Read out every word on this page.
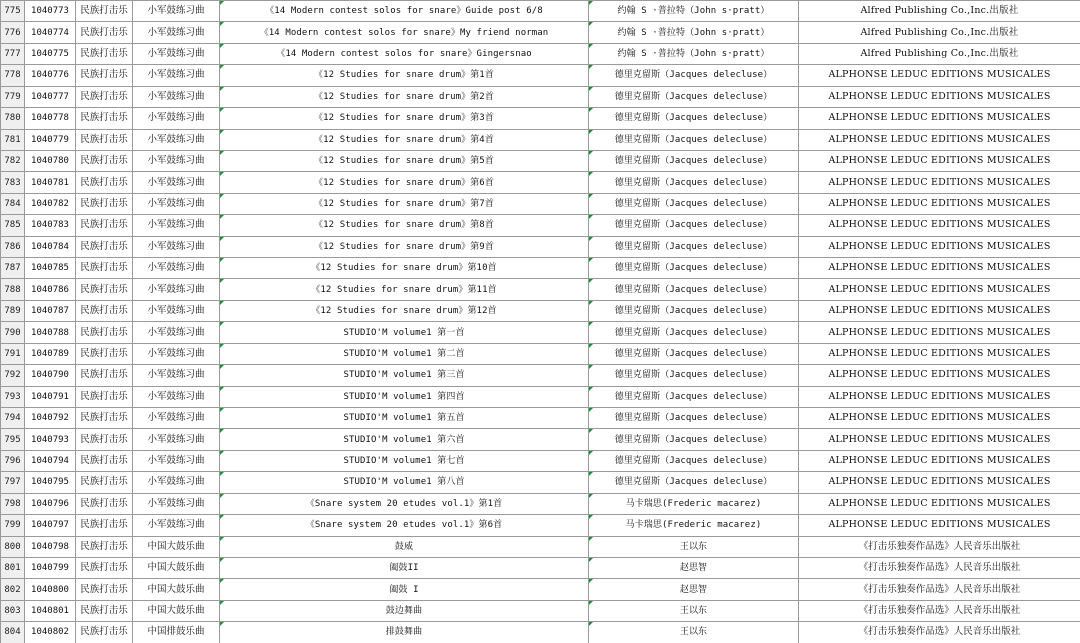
775	1040773	民族打击乐	小军鼓练习曲	《14 Modern contest solos for snare》Guide post 6/8	约翰 S ·普拉特（John s·pratt）	Alfred Publishing Co.,Inc.出版社
776	1040774	民族打击乐	小军鼓练习曲	《14 Modern contest solos for snare》My friend norman	约翰 S ·普拉特（John s·pratt）	Alfred Publishing Co.,Inc.出版社
777	1040775	民族打击乐	小军鼓练习曲	《14 Modern contest solos for snare》Gingersnao	约翰 S ·普拉特（John s·pratt）	Alfred Publishing Co.,Inc.出版社
778	1040776	民族打击乐	小军鼓练习曲	《12 Studies for snare drum》第1首	德里克留斯（Jacques delecluse）	ALPHONSE LEDUC EDITIONS MUSICALES
779	1040777	民族打击乐	小军鼓练习曲	《12 Studies for snare drum》第2首	德里克留斯（Jacques delecluse）	ALPHONSE LEDUC EDITIONS MUSICALES
780	1040778	民族打击乐	小军鼓练习曲	《12 Studies for snare drum》第3首	德里克留斯（Jacques delecluse）	ALPHONSE LEDUC EDITIONS MUSICALES
781	1040779	民族打击乐	小军鼓练习曲	《12 Studies for snare drum》第4首	德里克留斯（Jacques delecluse）	ALPHONSE LEDUC EDITIONS MUSICALES
782	1040780	民族打击乐	小军鼓练习曲	《12 Studies for snare drum》第5首	德里克留斯（Jacques delecluse）	ALPHONSE LEDUC EDITIONS MUSICALES
783	1040781	民族打击乐	小军鼓练习曲	《12 Studies for snare drum》第6首	德里克留斯（Jacques delecluse）	ALPHONSE LEDUC EDITIONS MUSICALES
784	1040782	民族打击乐	小军鼓练习曲	《12 Studies for snare drum》第7首	德里克留斯（Jacques delecluse）	ALPHONSE LEDUC EDITIONS MUSICALES
785	1040783	民族打击乐	小军鼓练习曲	《12 Studies for snare drum》第8首	德里克留斯（Jacques delecluse）	ALPHONSE LEDUC EDITIONS MUSICALES
786	1040784	民族打击乐	小军鼓练习曲	《12 Studies for snare drum》第9首	德里克留斯（Jacques delecluse）	ALPHONSE LEDUC EDITIONS MUSICALES
787	1040785	民族打击乐	小军鼓练习曲	《12 Studies for snare drum》第10首	德里克留斯（Jacques delecluse）	ALPHONSE LEDUC EDITIONS MUSICALES
788	1040786	民族打击乐	小军鼓练习曲	《12 Studies for snare drum》第11首	德里克留斯（Jacques delecluse）	ALPHONSE LEDUC EDITIONS MUSICALES
789	1040787	民族打击乐	小军鼓练习曲	《12 Studies for snare drum》第12首	德里克留斯（Jacques delecluse）	ALPHONSE LEDUC EDITIONS MUSICALES
790	1040788	民族打击乐	小军鼓练习曲	STUDIO'M volume1 第一首	德里克留斯（Jacques delecluse）	ALPHONSE LEDUC EDITIONS MUSICALES
791	1040789	民族打击乐	小军鼓练习曲	STUDIO'M volume1 第二首	德里克留斯（Jacques delecluse）	ALPHONSE LEDUC EDITIONS MUSICALES
792	1040790	民族打击乐	小军鼓练习曲	STUDIO'M volume1 第三首	德里克留斯（Jacques delecluse）	ALPHONSE LEDUC EDITIONS MUSICALES
793	1040791	民族打击乐	小军鼓练习曲	STUDIO'M volume1 第四首	德里克留斯（Jacques delecluse）	ALPHONSE LEDUC EDITIONS MUSICALES
794	1040792	民族打击乐	小军鼓练习曲	STUDIO'M volume1 第五首	德里克留斯（Jacques delecluse）	ALPHONSE LEDUC EDITIONS MUSICALES
795	1040793	民族打击乐	小军鼓练习曲	STUDIO'M volume1 第六首	德里克留斯（Jacques delecluse）	ALPHONSE LEDUC EDITIONS MUSICALES
796	1040794	民族打击乐	小军鼓练习曲	STUDIO'M volume1 第七首	德里克留斯（Jacques delecluse）	ALPHONSE LEDUC EDITIONS MUSICALES
797	1040795	民族打击乐	小军鼓练习曲	STUDIO'M volume1 第八首	德里克留斯（Jacques delecluse）	ALPHONSE LEDUC EDITIONS MUSICALES
798	1040796	民族打击乐	小军鼓练习曲	《Snare system 20 etudes vol.1》第1首	马卡瑞思(Frederic macarez)	ALPHONSE LEDUC EDITIONS MUSICALES
799	1040797	民族打击乐	小军鼓练习曲	《Snare system 20 etudes vol.1》第6首	马卡瑞思(Frederic macarez)	ALPHONSE LEDUC EDITIONS MUSICALES
800	1040798	民族打击乐	中国大鼓乐曲	鼓威	王以东	《打击乐独奏作品选》人民音乐出版社
801	1040799	民族打击乐	中国大鼓乐曲	阖鼓II	赵思智	《打击乐独奏作品选》人民音乐出版社
802	1040800	民族打击乐	中国大鼓乐曲	阖鼓 I	赵思智	《打击乐独奏作品选》人民音乐出版社
803	1040801	民族打击乐	中国大鼓乐曲	鼓边舞曲	王以东	《打击乐独奏作品选》人民音乐出版社
804	1040802	民族打击乐	中国排鼓乐曲	排鼓舞曲	王以东	《打击乐独奏作品选》人民音乐出版社
